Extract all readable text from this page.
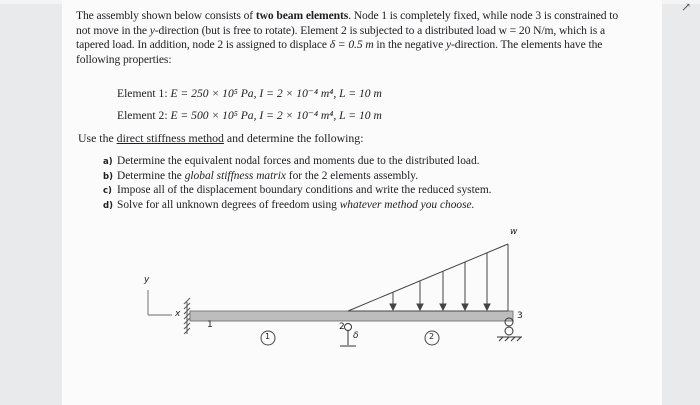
↗
The assembly shown below consists of two beam elements. Node 1 is completely fixed, while node 3 is constrained to not move in the y-direction (but is free to rotate). Element 2 is subjected to a distributed load w = 20 N/m, which is a tapered load. In addition, node 2 is assigned to displace δ = 0.5 m in the negative y-direction. The elements have the following properties:
Element 1: E = 250 × 10⁵ Pa, I = 2 × 10⁻⁴ m⁴, L = 10 m
Element 2: E = 500 × 10⁵ Pa, I = 2 × 10⁻⁴ m⁴, L = 10 m
Use the direct stiffness method and determine the following:
a) Determine the equivalent nodal forces and moments due to the distributed load.
b) Determine the global stiffness matrix for the 2 elements assembly.
c) Impose all of the displacement boundary conditions and write the reduced system.
d) Solve for all unknown degrees of freedom using whatever method you choose.
w
y
x
1	2
δ
3
1	2
